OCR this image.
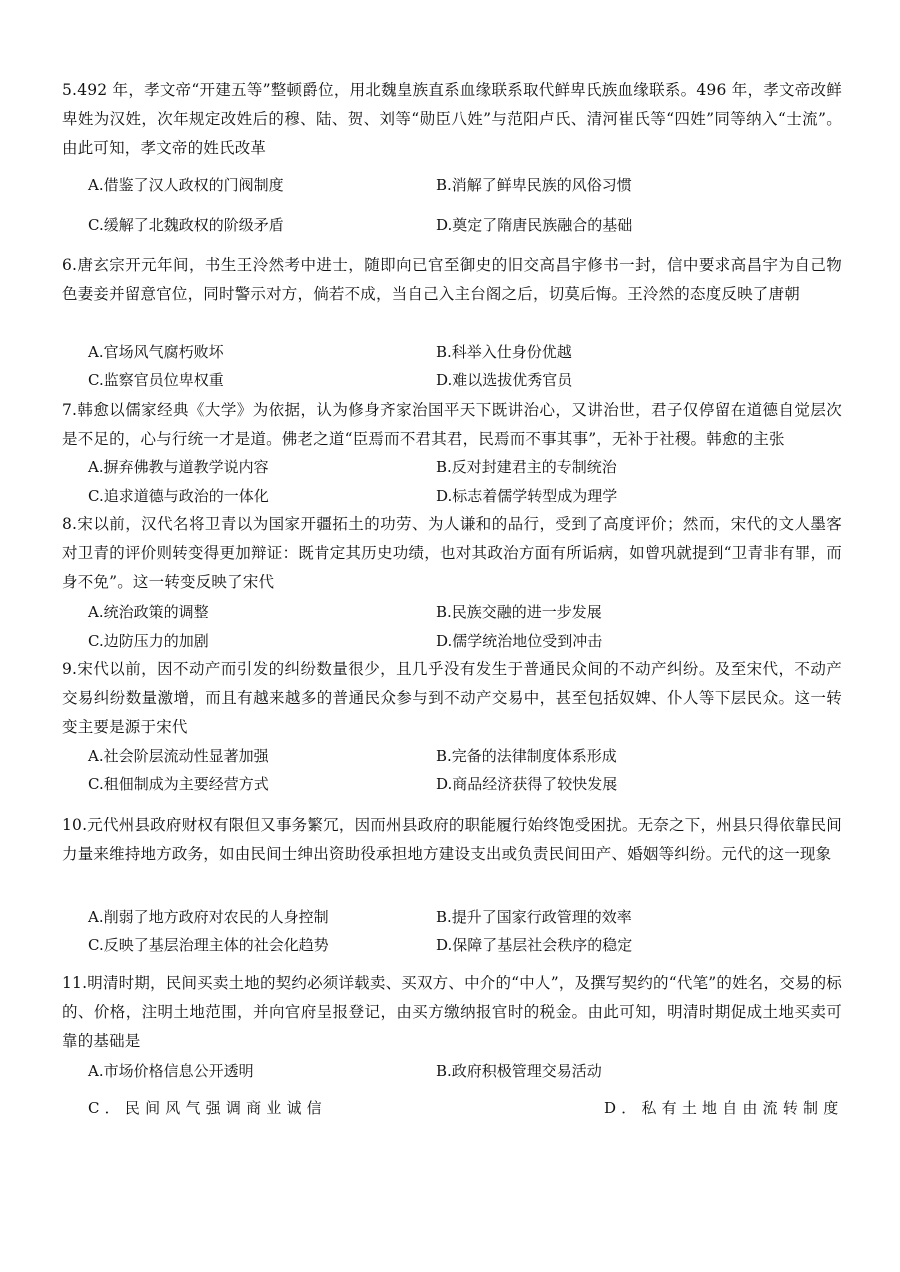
5.492 年，孝文帝“开建五等”整顿爵位，用北魏皇族直系血缘联系取代鲜卑氏族血缘联系。496 年，孝文帝改鲜卑姓为汉姓，次年规定改姓后的穆、陆、贺、刘等“勋臣八姓”与范阳卢氏、清河崔氏等“四姓”同等纳入“士流”。由此可知，孝文帝的姓氏改革
A.借鉴了汉人政权的门阀制度	B.消解了鲜卑民族的风俗习惯
C.缓解了北魏政权的阶级矛盾	D.奠定了隋唐民族融合的基础
6.唐玄宗开元年间，书生王泠然考中进士，随即向已官至御史的旧交高昌宇修书一封，信中要求高昌宇为自己物色妻妾并留意官位，同时警示对方，倘若不成，当自己入主台阁之后，切莫后悔。王泠然的态度反映了唐朝
A.官场风气腐朽败坏	B.科举入仕身份优越
C.监察官员位卑权重	D.难以选拔优秀官员
7.韩愈以儒家经典《大学》为依据，认为修身齐家治国平天下既讲治心，又讲治世，君子仅停留在道德自觉层次是不足的，心与行统一才是道。佛老之道“臣焉而不君其君，民焉而不事其事”，无补于社稷。韩愈的主张
A.摒弃佛教与道教学说内容	B.反对封建君主的专制统治
C.追求道德与政治的一体化	D.标志着儒学转型成为理学
8.宋以前，汉代名将卫青以为国家开疆拓土的功劳、为人谦和的品行，受到了高度评价；然而，宋代的文人墨客对卫青的评价则转变得更加辩证：既肯定其历史功绩，也对其政治方面有所诟病，如曾巩就提到“卫青非有罪，而身不免”。这一转变反映了宋代
A.统治政策的调整	B.民族交融的进一步发展
C.边防压力的加剧	D.儒学统治地位受到冲击
9.宋代以前，因不动产而引发的纠纷数量很少，且几乎没有发生于普通民众间的不动产纠纷。及至宋代，不动产交易纠纷数量激增，而且有越来越多的普通民众参与到不动产交易中，甚至包括奴婢、仆人等下层民众。这一转变主要是源于宋代
A.社会阶层流动性显著加强	B.完备的法律制度体系形成
C.租佃制成为主要经营方式	D.商品经济获得了较快发展
10.元代州县政府财权有限但又事务繁冗，因而州县政府的职能履行始终饱受困扰。无奈之下，州县只得依靠民间力量来维持地方政务，如由民间士绅出资助役承担地方建设支出或负责民间田产、婚姻等纠纷。元代的这一现象
A.削弱了地方政府对农民的人身控制	B.提升了国家行政管理的效率
C.反映了基层治理主体的社会化趋势	D.保障了基层社会秩序的稳定
11.明清时期，民间买卖土地的契约必须详载卖、买双方、中介的“中人”，及撰写契约的“代笔”的姓名，交易的标的、价格，注明土地范围，并向官府呈报登记，由买方缴纳报官时的税金。由此可知，明清时期促成土地买卖可靠的基础是
A.市场价格信息公开透明	B.政府积极管理交易活动
C．民间风气强调商业诚信	D．私有土地自由流转制度
